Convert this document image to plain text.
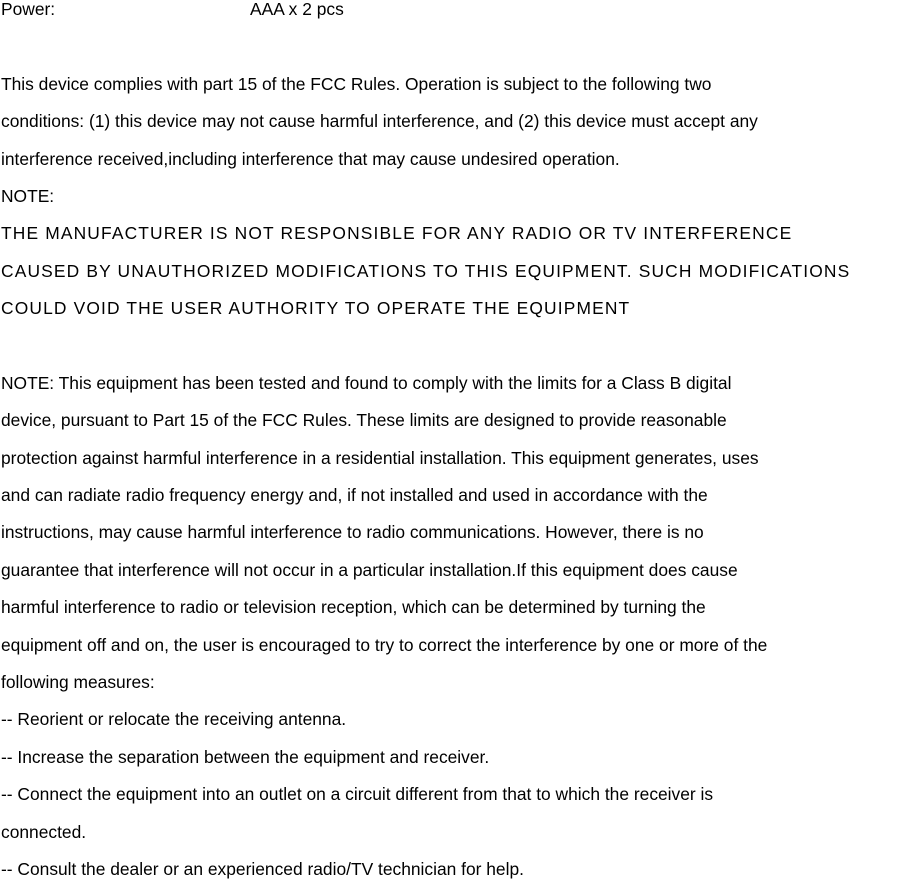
Power:	AAA x 2 pcs
This device complies with part 15 of the FCC Rules. Operation is subject to the following two
conditions: (1) this device may not cause harmful interference, and (2) this device must accept any
interference received,including interference that may cause undesired operation.
NOTE:
THE MANUFACTURER IS NOT RESPONSIBLE FOR ANY RADIO OR TV INTERFERENCE
CAUSED BY UNAUTHORIZED MODIFICATIONS TO THIS EQUIPMENT. SUCH MODIFICATIONS
COULD VOID THE USER AUTHORITY TO OPERATE THE EQUIPMENT
NOTE: This equipment has been tested and found to comply with the limits for a Class B digital
device, pursuant to Part 15 of the FCC Rules. These limits are designed to provide reasonable
protection against harmful interference in a residential installation. This equipment generates, uses
and can radiate radio frequency energy and, if not installed and used in accordance with the
instructions, may cause harmful interference to radio communications. However, there is no
guarantee that interference will not occur in a particular installation.If this equipment does cause
harmful interference to radio or television reception, which can be determined by turning the
equipment off and on, the user is encouraged to try to correct the interference by one or more of the
following measures:
-- Reorient or relocate the receiving antenna.
-- Increase the separation between the equipment and receiver.
-- Connect the equipment into an outlet on a circuit different from that to which the receiver is
connected.
-- Consult the dealer or an experienced radio/TV technician for help.
